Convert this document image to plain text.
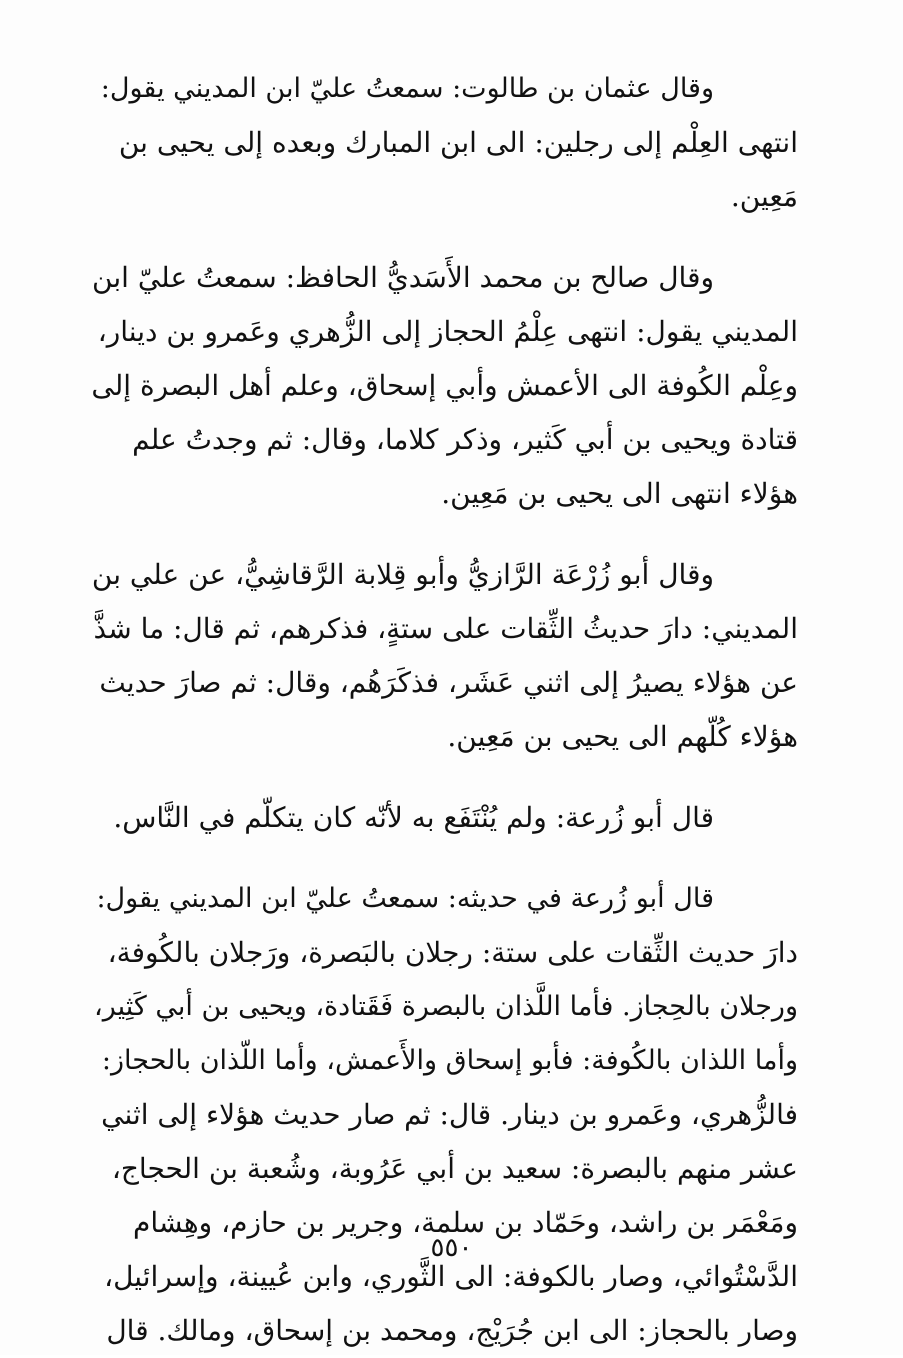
وقال عثمان بن طالوت: سمعتُ عليّ ابن المديني يقول:
انتهى العِلْم إلى رجلين: الى ابن المبارك وبعده إلى يحيى بن
مَعِين.
وقال صالح بن محمد الأَسَديُّ الحافظ: سمعتُ عليّ ابن
المديني يقول: انتهى عِلْمُ الحجاز إلى الزُّهري وعَمرو بن دينار،
وعِلْم الكُوفة الى الأعمش وأبي إسحاق، وعلم أهل البصرة إلى
قتادة ويحيى بن أبي كَثير، وذكر كلاما، وقال: ثم وجدتُ علم
هؤلاء انتهى الى يحيى بن مَعِين.
وقال أبو زُرْعَة الرَّازيُّ وأبو قِلابة الرَّقاشِيُّ، عن علي بن
المديني: دارَ حديثُ الثِّقات على ستةٍ، فذكرهم، ثم قال: ما شذَّ
عن هؤلاء يصيرُ إلى اثني عَشَر، فذكَرَهُم، وقال: ثم صارَ حديث
هؤلاء كُلّهم الى يحيى بن مَعِين.
قال أبو زُرعة: ولم يُنْتَفَع به لأنّه كان يتكلّم في النَّاس.
قال أبو زُرعة في حديثه: سمعتُ عليّ ابن المديني يقول:
دارَ حديث الثِّقات على ستة: رجلان بالبَصرة، ورَجلان بالكُوفة،
ورجلان بالحِجاز. فأما اللَّذان بالبصرة فَقَتادة، ويحيى بن أبي كَثِير،
وأما اللذان بالكُوفة: فأبو إسحاق والأَعمش، وأما اللّذان بالحجاز:
فالزُّهري، وعَمرو بن دينار. قال: ثم صار حديث هؤلاء إلى اثني
عشر منهم بالبصرة: سعيد بن أبي عَرُوبة، وشُعبة بن الحجاج،
ومَعْمَر بن راشد، وحَمّاد بن سلمة، وجرير بن حازم، وهِشام
الدَّسْتُوائي، وصار بالكوفة: الى الثَّوري، وابن عُيينة، وإسرائيل،
وصار بالحجاز: الى ابن جُرَيْج، ومحمد بن إسحاق، ومالك. قال
٥٥٠
